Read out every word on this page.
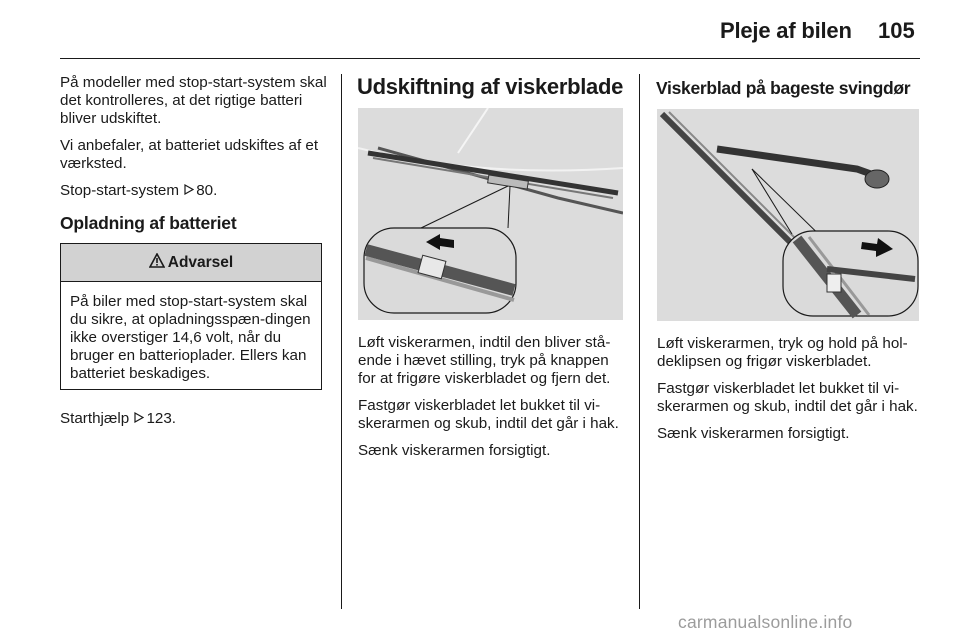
Pleje af bilen 105

På modeller med stop-start-system skal det kontrolleres, at det rigtige batteri bliver udskiftet.

Vi anbefaler, at batteriet udskiftes af et værksted.

Stop-start-system 80.

Opladning af batteriet
Advarsel
På biler med stop-start-system skal du sikre, at opladningsspæn-dingen ikke overstiger 14,6 volt, når du bruger en batterioplader. Ellers kan batteriet beskadiges.

Starthjælp 123.

Udskiftning af viskerblade

Løft viskerarmen, indtil den bliver stå-ende i hævet stilling, tryk på knappen for at frigøre viskerbladet og fjern det.

Fastgør viskerbladet let bukket til vi-skerarmen og skub, indtil det går i hak.

Sænk viskerarmen forsigtigt.

Viskerblad på bageste svingdør

Løft viskerarmen, tryk og hold på hol-deklipsen og frigør viskerbladet.

Fastgør viskerbladet let bukket til vi-skerarmen og skub, indtil det går i hak.

Sænk viskerarmen forsigtigt.

carmanualsonline.info
